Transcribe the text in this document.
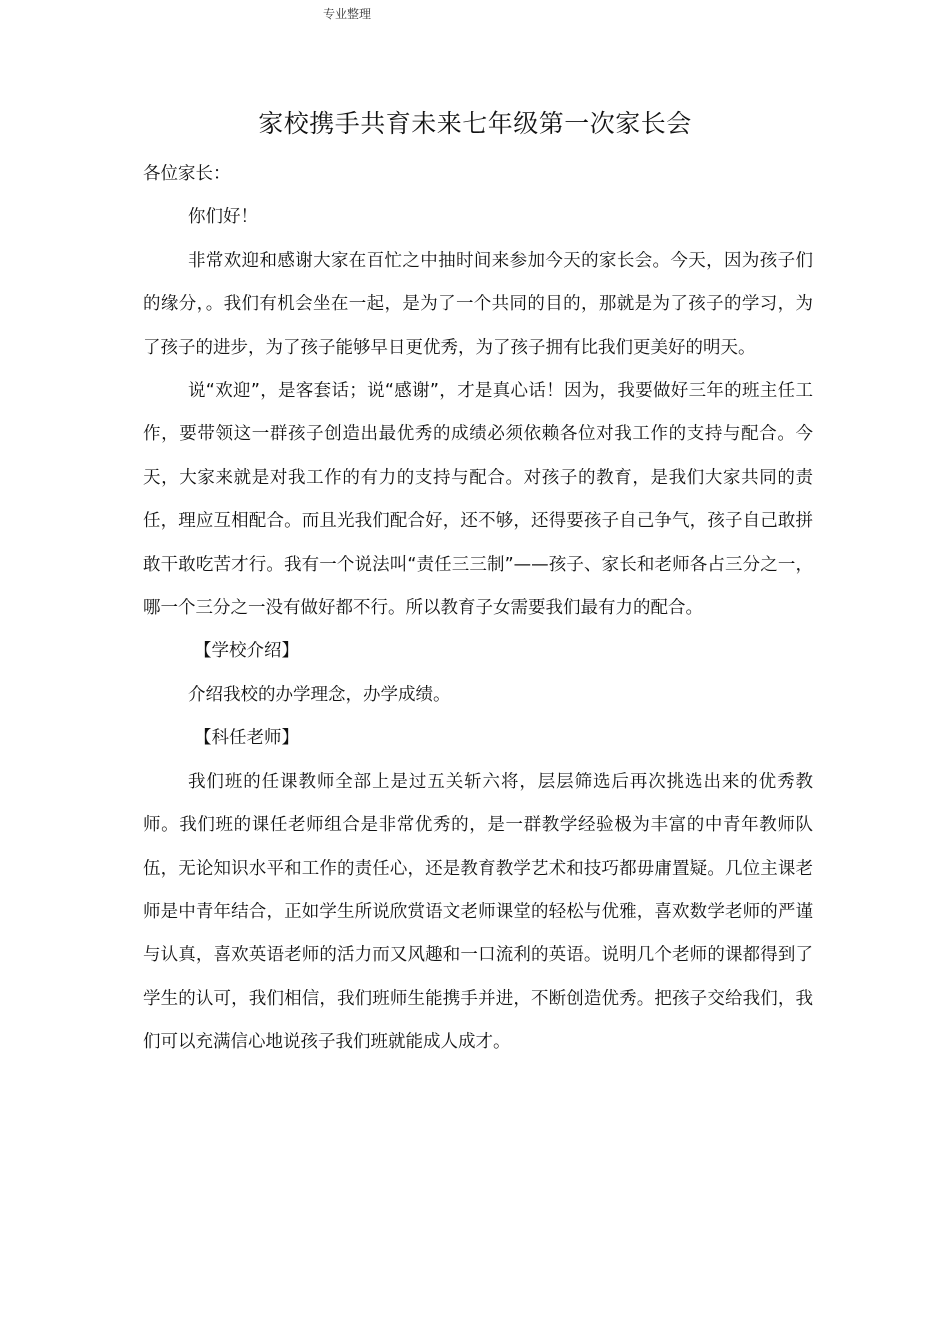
专业整理
家校携手共育未来七年级第一次家长会

各位家长：

你们好！

非常欢迎和感谢大家在百忙之中抽时间来参加今天的家长会。今天，因为孩子们的缘分，。我们有机会坐在一起，是为了一个共同的目的，那就是为了孩子的学习，为了孩子的进步，为了孩子能够早日更优秀，为了孩子拥有比我们更美好的明天。

说“欢迎”，是客套话；说“感谢”，才是真心话！因为，我要做好三年的班主任工作，要带领这一群孩子创造出最优秀的成绩必须依赖各位对我工作的支持与配合。今天，大家来就是对我工作的有力的支持与配合。对孩子的教育，是我们大家共同的责任，理应互相配合。而且光我们配合好，还不够，还得要孩子自己争气，孩子自己敢拼敢干敢吃苦才行。我有一个说法叫“责任三三制”——孩子、家长和老师各占三分之一，哪一个三分之一没有做好都不行。所以教育子女需要我们最有力的配合。

【学校介绍】

介绍我校的办学理念，办学成绩。

【科任老师】

我们班的任课教师全部上是过五关斩六将，层层筛选后再次挑选出来的优秀教师。我们班的课任老师组合是非常优秀的，是一群教学经验极为丰富的中青年教师队伍，无论知识水平和工作的责任心，还是教育教学艺术和技巧都毋庸置疑。几位主课老师是中青年结合，正如学生所说欣赏语文老师课堂的轻松与优雅，喜欢数学老师的严谨与认真，喜欢英语老师的活力而又风趣和一口流利的英语。说明几个老师的课都得到了学生的认可，我们相信，我们班师生能携手并进，不断创造优秀。把孩子交给我们，我们可以充满信心地说孩子我们班就能成人成才。
